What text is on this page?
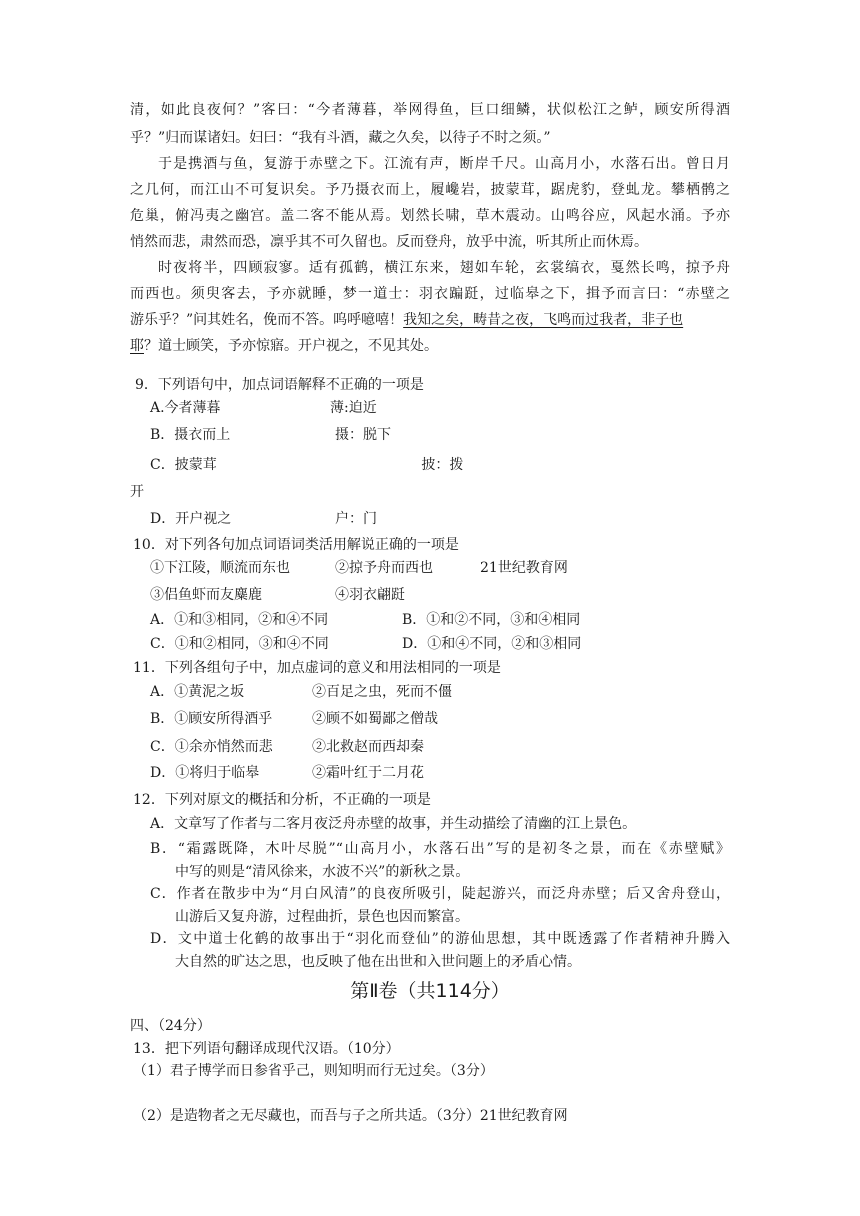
清，如此良夜何？”客曰：“今者薄暮，举网得鱼，巨口细鳞，状似松江之鲈，顾安所得酒
乎？”归而谋诸妇。妇曰：“我有斗酒，藏之久矣，以待子不时之须。”
于是携酒与鱼，复游于赤壁之下。江流有声，断岸千尺。山高月小，水落石出。曾日月
之几何，而江山不可复识矣。予乃摄衣而上，履巉岩，披蒙茸，踞虎豹，登虬龙。攀栖鹘之
危巢，俯冯夷之幽宫。盖二客不能从焉。划然长啸，草木震动。山鸣谷应，风起水涌。予亦
悄然而悲，肃然而恐，凛乎其不可久留也。反而登舟，放乎中流，听其所止而休焉。
时夜将半，四顾寂寥。适有孤鹤，横江东来，翅如车轮，玄裳缟衣，戛然长鸣，掠予舟
而西也。须臾客去，予亦就睡，梦一道士：羽衣蹁跹，过临皋之下，揖予而言曰：“赤壁之
游乐乎？”问其姓名，俛而不答。呜呼噫嘻！我知之矣，畴昔之夜，飞鸣而过我者，非子也
耶？道士顾笑，予亦惊寤。开户视之，不见其处。
9．下列语句中，加点词语解释不正确的一项是
A.今者薄暮	薄:迫近
B．摄衣而上	摄：脱下
C．披蒙茸                                              披：拨
开
D．开户视之	户：门
10．对下列各句加点词语词类活用解说正确的一项是
①下江陵，顺流而东也	②掠予舟而西也	21世纪教育网
③侣鱼虾而友麋鹿	④羽衣翩跹
A．①和③相同，②和④不同	B．①和②不同，③和④相同
C．①和②相同，③和④不同	D．①和④不同，②和③相同
11．下列各组句子中，加点虚词的意义和用法相同的一项是
A．①黄泥之坂	②百足之虫，死而不僵
B．①顾安所得酒乎	②顾不如蜀鄙之僧哉
C．①余亦悄然而悲	②北救赵而西却秦
D．①将归于临皋	②霜叶红于二月花
12．下列对原文的概括和分析，不正确的一项是
A．文章写了作者与二客月夜泛舟赤壁的故事，并生动描绘了清幽的江上景色。
B．“霜露既降，木叶尽脱”“山高月小，水落石出”写的是初冬之景，而在《赤壁赋》
中写的则是“清风徐来，水波不兴”的新秋之景。
C．作者在散步中为“月白风清”的良夜所吸引，陡起游兴，而泛舟赤壁；后又舍舟登山，
山游后又复舟游，过程曲折，景色也因而繁富。
D．文中道士化鹤的故事出于“羽化而登仙”的游仙思想，其中既透露了作者精神升腾入
大自然的旷达之思，也反映了他在出世和入世问题上的矛盾心情。
第Ⅱ卷（共114分）
四、（24分）
13．把下列语句翻译成现代汉语。（10分）
（1）君子博学而日参省乎己，则知明而行无过矣。（3分）
（2）是造物者之无尽藏也，而吾与子之所共适。（3分）21世纪教育网
